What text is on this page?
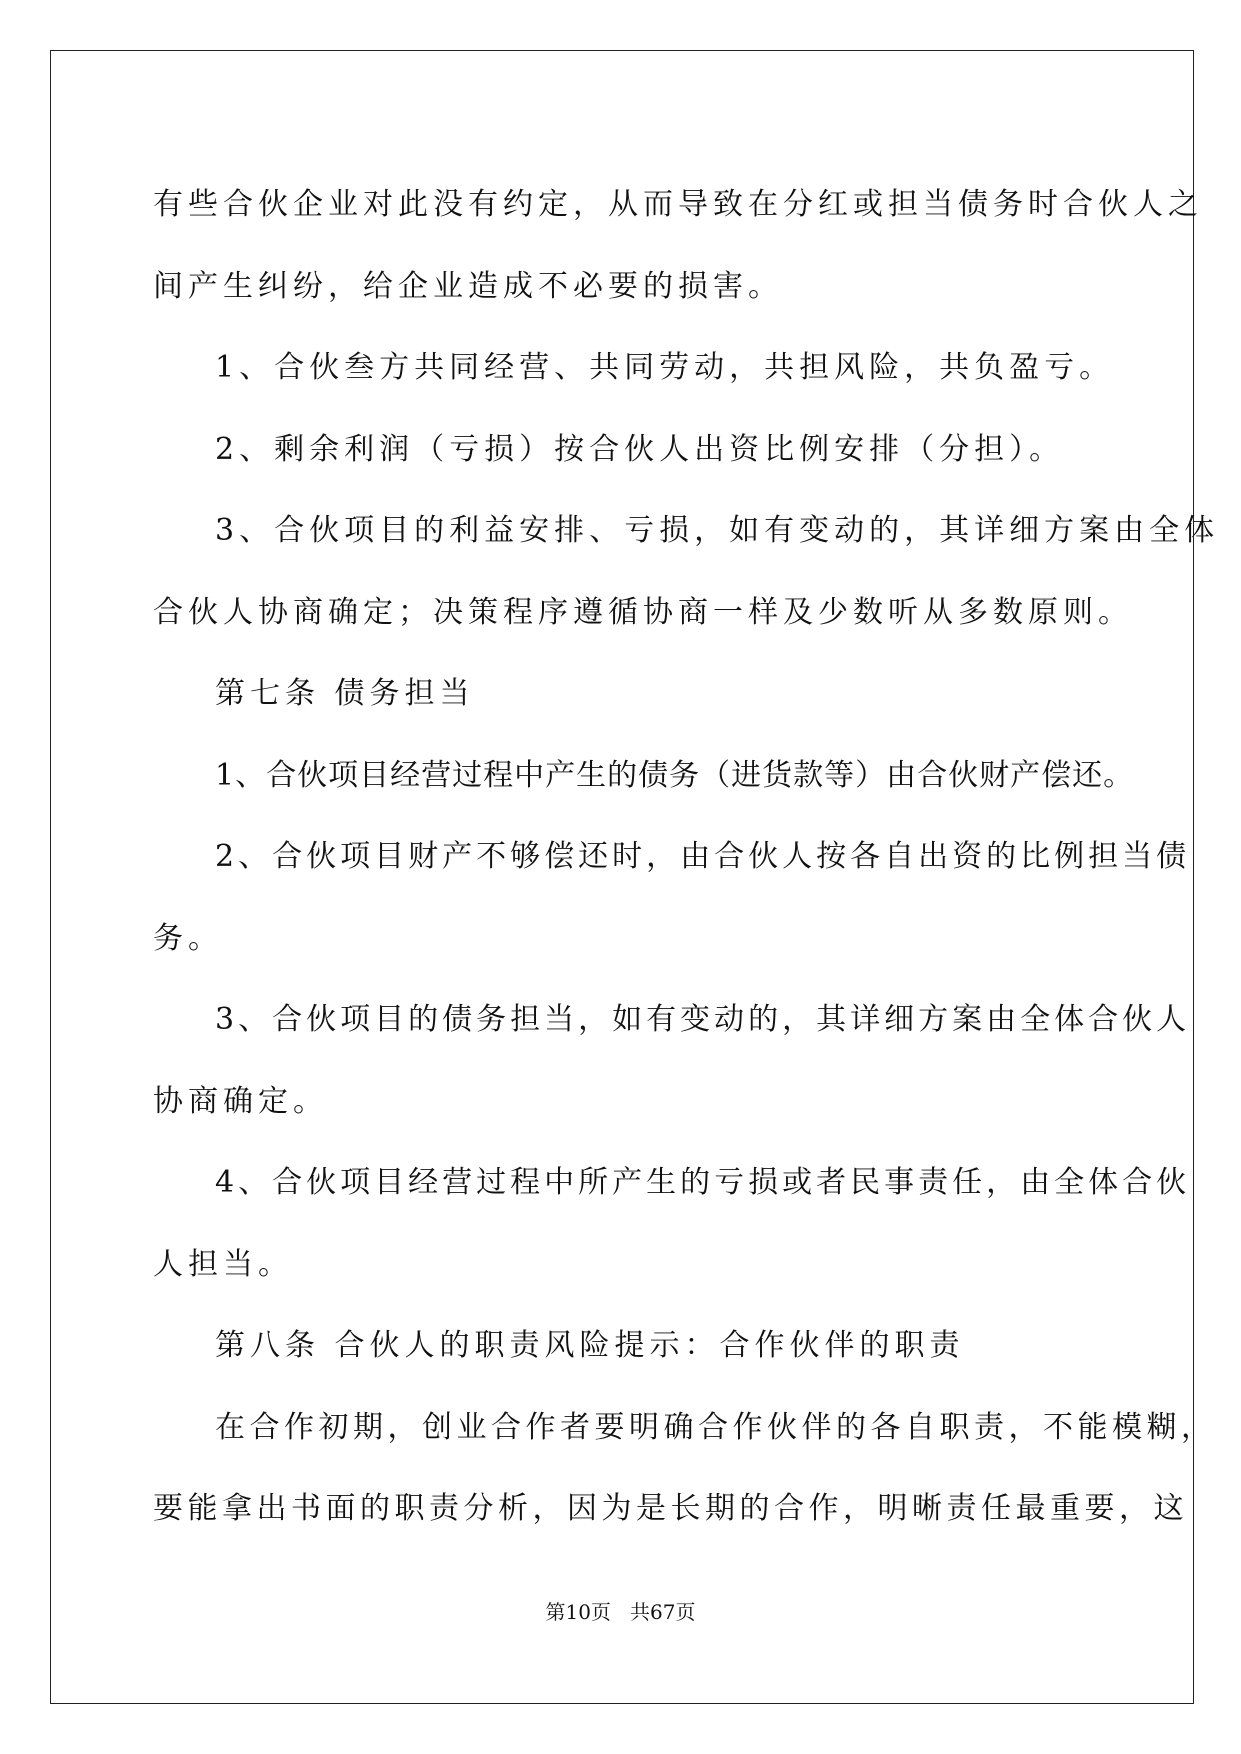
有些合伙企业对此没有约定，从而导致在分红或担当债务时合伙人之

间产生纠纷，给企业造成不必要的损害。

1、合伙叁方共同经营、共同劳动，共担风险，共负盈亏。

2、剩余利润（亏损）按合伙人出资比例安排（分担）。

3、合伙项目的利益安排、亏损，如有变动的，其详细方案由全体

合伙人协商确定；决策程序遵循协商一样及少数听从多数原则。

第七条 债务担当

1、合伙项目经营过程中产生的债务（进货款等）由合伙财产偿还。

2、合伙项目财产不够偿还时，由合伙人按各自出资的比例担当债

务。

3、合伙项目的债务担当，如有变动的，其详细方案由全体合伙人

协商确定。

4、合伙项目经营过程中所产生的亏损或者民事责任，由全体合伙

人担当。

第八条 合伙人的职责风险提示：合作伙伴的职责

在合作初期，创业合作者要明确合作伙伴的各自职责，不能模糊，

要能拿出书面的职责分析，因为是长期的合作，明晰责任最重要，这

第10页   共67页
